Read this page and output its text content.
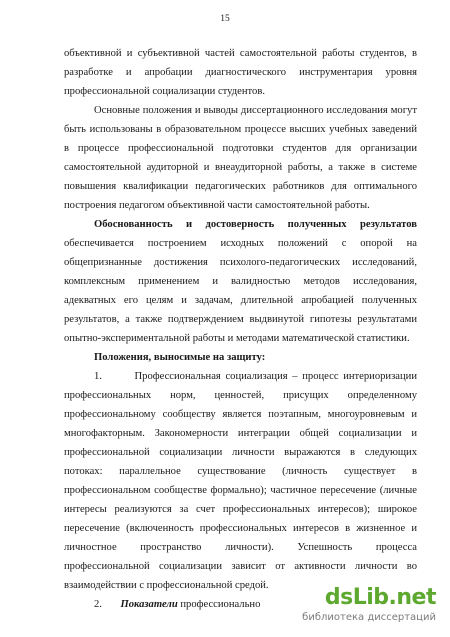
15

объективной и субъективной частей самостоятельной работы студентов, в разработке и апробации диагностического инструментария уровня профессиональной социализации студентов.

Основные положения и выводы диссертационного исследования могут быть использованы в образовательном процессе высших учебных заведений в процессе профессиональной подготовки студентов для организации самостоятельной аудиторной и внеаудиторной работы, а также в системе повышения квалификации педагогических работников для оптимального построения педагогом объективной части самостоятельной работы.

Обоснованность и достоверность полученных результатов обеспечивается построением исходных положений с опорой на общепризнанные достижения психолого-педагогических исследований, комплексным применением и валидностью методов исследования, адекватных его целям и задачам, длительной апробацией полученных результатов, а также подтверждением выдвинутой гипотезы результатами опытно-экспериментальной работы и методами математической статистики.

Положения, выносимые на защиту:

1.       Профессиональная социализация – процесс интериоризации профессиональных норм, ценностей, присущих определенному профессиональному сообществу является поэтапным, многоуровневым и многофакторным. Закономерности интеграции общей социализации и профессиональной социализации личности выражаются в следующих потоках: параллельное существование (личность существует в профессиональном сообществе формально); частичное пересечение (личные интересы реализуются за счет профессиональных интересов); широкое пересечение (включенность профессиональных интересов в жизненное и личностное пространство личности). Успешность процесса профессиональной социализации зависит от активности личности во взаимодействии с профессиональной средой.

2.       Показатели профессионально	dsLib.net
библиотека диссертаций
